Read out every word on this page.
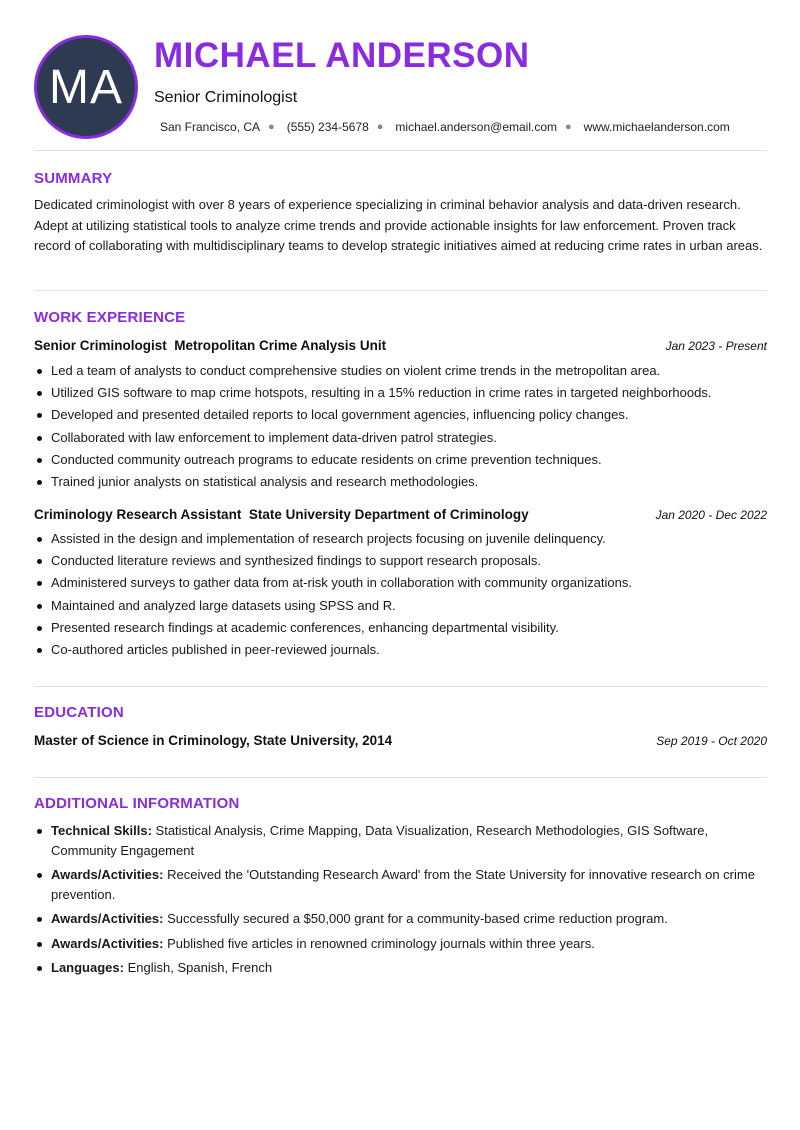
MA
MICHAEL ANDERSON
Senior Criminologist
San Francisco, CA ● (555) 234-5678 ● michael.anderson@email.com ● www.michaelanderson.com
SUMMARY
Dedicated criminologist with over 8 years of experience specializing in criminal behavior analysis and data-driven research. Adept at utilizing statistical tools to analyze crime trends and provide actionable insights for law enforcement. Proven track record of collaborating with multidisciplinary teams to develop strategic initiatives aimed at reducing crime rates in urban areas.
WORK EXPERIENCE
Senior Criminologist Metropolitan Crime Analysis Unit	Jan 2023 - Present
Led a team of analysts to conduct comprehensive studies on violent crime trends in the metropolitan area.
Utilized GIS software to map crime hotspots, resulting in a 15% reduction in crime rates in targeted neighborhoods.
Developed and presented detailed reports to local government agencies, influencing policy changes.
Collaborated with law enforcement to implement data-driven patrol strategies.
Conducted community outreach programs to educate residents on crime prevention techniques.
Trained junior analysts on statistical analysis and research methodologies.
Criminology Research Assistant State University Department of Criminology	Jan 2020 - Dec 2022
Assisted in the design and implementation of research projects focusing on juvenile delinquency.
Conducted literature reviews and synthesized findings to support research proposals.
Administered surveys to gather data from at-risk youth in collaboration with community organizations.
Maintained and analyzed large datasets using SPSS and R.
Presented research findings at academic conferences, enhancing departmental visibility.
Co-authored articles published in peer-reviewed journals.
EDUCATION
Master of Science in Criminology, State University, 2014	Sep 2019 - Oct 2020
ADDITIONAL INFORMATION
Technical Skills: Statistical Analysis, Crime Mapping, Data Visualization, Research Methodologies, GIS Software, Community Engagement
Awards/Activities: Received the 'Outstanding Research Award' from the State University for innovative research on crime prevention.
Awards/Activities: Successfully secured a $50,000 grant for a community-based crime reduction program.
Awards/Activities: Published five articles in renowned criminology journals within three years.
Languages: English, Spanish, French
